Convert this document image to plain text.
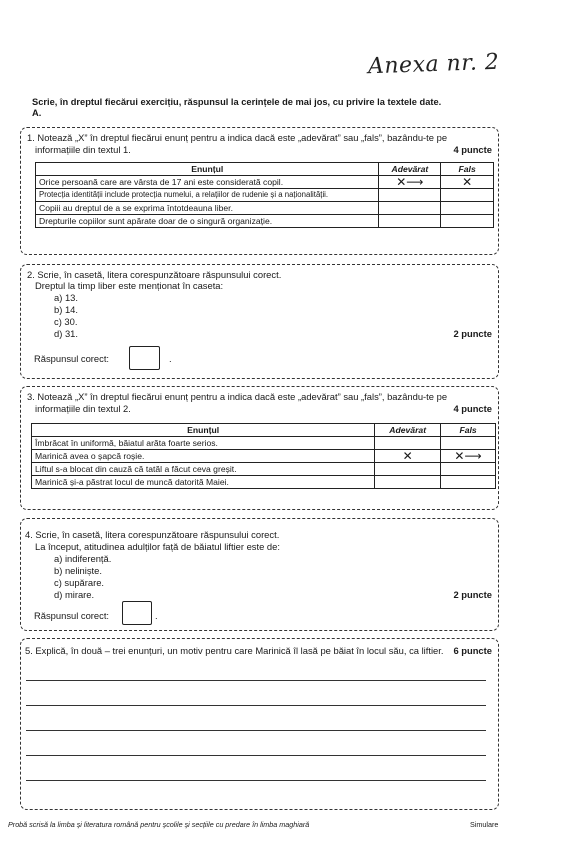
Anexa nr. 2
Scrie, în dreptul fiecărui exercițiu, răspunsul la cerințele de mai jos, cu privire la textele date.
A.
1. Notează „X” în dreptul fiecărui enunț pentru a indica dacă este „adevărat” sau „fals”, bazându-te pe
informațiile din textul 1.	4 puncte
Enunțul	Adevărat	Fals
Orice persoană care are vârsta de 17 ani este considerată copil.	✕⟶	✕
Protecția identității include protecția numelui, a relațiilor de rudenie și a naționalității.		
Copiii au dreptul de a se exprima întotdeauna liber.		
Drepturile copiilor sunt apărate doar de o singură organizație.		
2. Scrie, în casetă, litera corespunzătoare răspunsului corect.
Dreptul la timp liber este menționat în caseta:
a) 13.
b) 14.
c) 30.
d) 31.	2 puncte
Răspunsul corect:	.
3. Notează „X” în dreptul fiecărui enunț pentru a indica dacă este „adevărat” sau „fals”, bazându-te pe
informațiile din textul 2.	4 puncte
Enunțul	Adevărat	Fals
Îmbrăcat în uniformă, băiatul arăta foarte serios.		
Marinică avea o șapcă roșie.	✕	✕⟶
Liftul s-a blocat din cauză că tatăl a făcut ceva greșit.		
Marinică și-a păstrat locul de muncă datorită Maiei.		
4. Scrie, în casetă, litera corespunzătoare răspunsului corect.
La început, atitudinea adulților față de băiatul liftier este de:
a) indiferență.
b) neliniște.
c) supărare.
d) mirare.	2 puncte
Răspunsul corect:	.
5. Explică, în două – trei enunțuri, un motiv pentru care Marinică îl lasă pe băiat în locul său, ca liftier. 6 puncte
Probă scrisă la limba și literatura română pentru școlile și secțiile cu predare în limba maghiară	Simulare
